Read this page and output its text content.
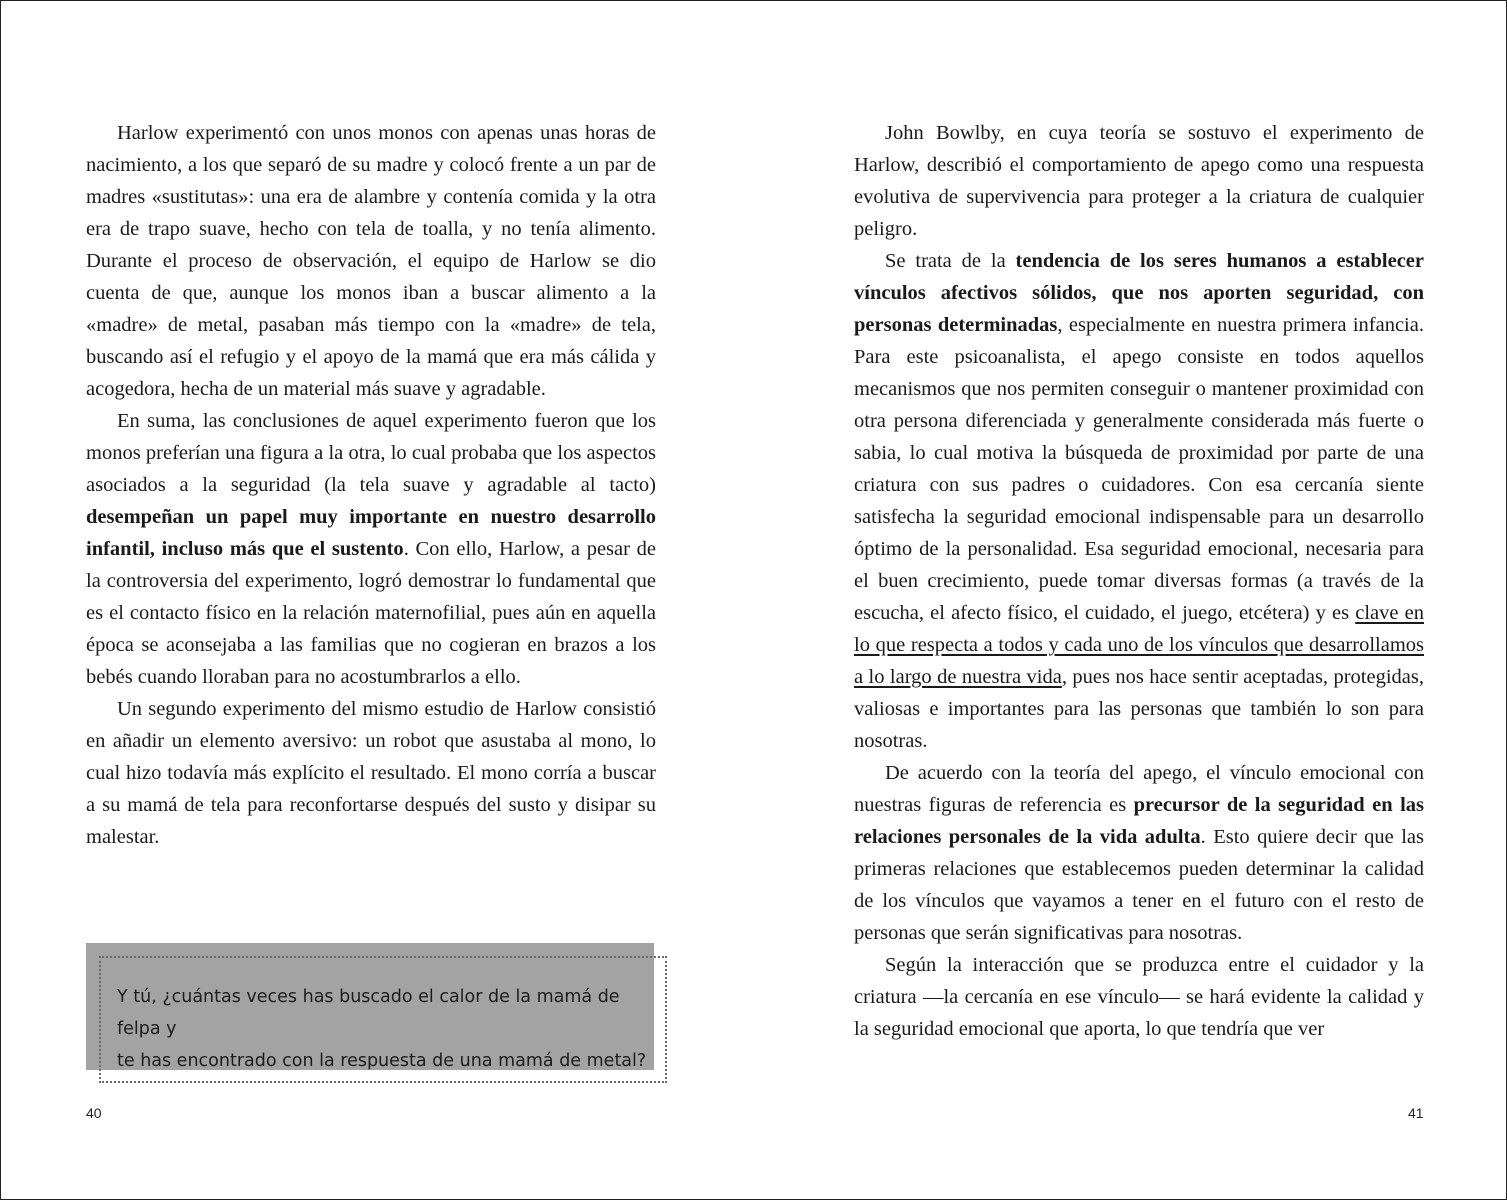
Harlow experimentó con unos monos con apenas unas horas de nacimiento, a los que separó de su madre y colocó frente a un par de madres «sustitutas»: una era de alambre y contenía comida y la otra era de trapo suave, hecho con tela de toalla, y no tenía alimento. Durante el proceso de observación, el equipo de Harlow se dio cuenta de que, aunque los monos iban a buscar alimento a la «madre» de metal, pasaban más tiempo con la «madre» de tela, buscando así el refugio y el apoyo de la mamá que era más cálida y acogedora, hecha de un material más suave y agradable.

En suma, las conclusiones de aquel experimento fueron que los monos preferían una figura a la otra, lo cual probaba que los aspectos asociados a la seguridad (la tela suave y agradable al tacto) desempeñan un papel muy importante en nuestro desarrollo infantil, incluso más que el sustento. Con ello, Harlow, a pesar de la controversia del experimento, logró demostrar lo fundamental que es el contacto físico en la relación maternofilial, pues aún en aquella época se aconsejaba a las familias que no cogieran en brazos a los bebés cuando lloraban para no acostumbrarlos a ello.

Un segundo experimento del mismo estudio de Harlow consistió en añadir un elemento aversivo: un robot que asustaba al mono, lo cual hizo todavía más explícito el resultado. El mono corría a buscar a su mamá de tela para reconfortarse después del susto y disipar su malestar.

Y tú, ¿cuántas veces has buscado el calor de la mamá de felpa y
te has encontrado con la respuesta de una mamá de metal?

40

John Bowlby, en cuya teoría se sostuvo el experimento de Harlow, describió el comportamiento de apego como una respuesta evolutiva de supervivencia para proteger a la criatura de cualquier peligro.

Se trata de la tendencia de los seres humanos a establecer vínculos afectivos sólidos, que nos aporten seguridad, con personas determinadas, especialmente en nuestra primera infancia. Para este psicoanalista, el apego consiste en todos aquellos mecanismos que nos permiten conseguir o mantener proximidad con otra persona diferenciada y generalmente considerada más fuerte o sabia, lo cual motiva la búsqueda de proximidad por parte de una criatura con sus padres o cuidadores. Con esa cercanía siente satisfecha la seguridad emocional indispensable para un desarrollo óptimo de la personalidad. Esa seguridad emocional, necesaria para el buen crecimiento, puede tomar diversas formas (a través de la escucha, el afecto físico, el cuidado, el juego, etcétera) y es clave en lo que respecta a todos y cada uno de los vínculos que desarrollamos a lo largo de nuestra vida, pues nos hace sentir aceptadas, protegidas, valiosas e importantes para las personas que también lo son para nosotras.

De acuerdo con la teoría del apego, el vínculo emocional con nuestras figuras de referencia es precursor de la seguridad en las relaciones personales de la vida adulta. Esto quiere decir que las primeras relaciones que establecemos pueden determinar la calidad de los vínculos que vayamos a tener en el futuro con el resto de personas que serán significativas para nosotras.

Según la interacción que se produzca entre el cuidador y la criatura —la cercanía en ese vínculo— se hará evidente la calidad y la seguridad emocional que aporta, lo que tendría que ver

41
